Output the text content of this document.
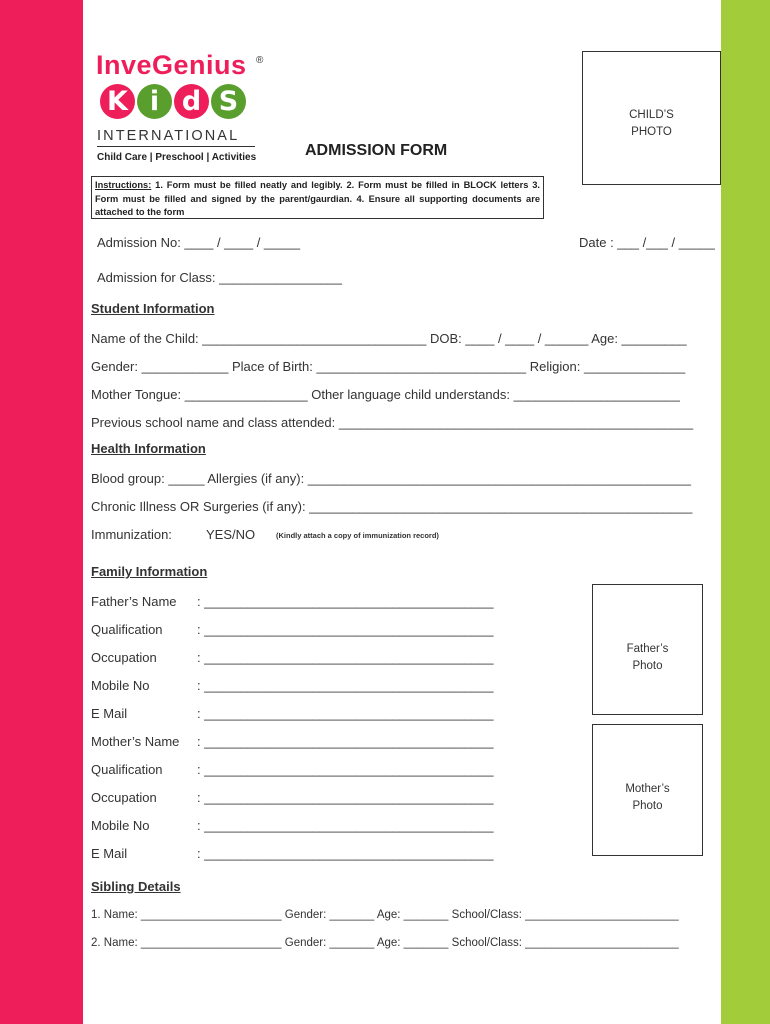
InveGenius ®
K i d S
INTERNATIONAL
Child Care | Preschool | Activities	ADMISSION FORM
CHILD’S
PHOTO
Instructions: 1. Form must be filled neatly and legibly. 2. Form must be filled in BLOCK letters 3. Form must be filled and signed by the parent/gaurdian. 4. Ensure all supporting documents are attached to the form
Admission No: ____ / ____ / _____	Date : ___ /___ / _____
Admission for Class: _________________
Student Information
Name of the Child: _______________________________ DOB: ____ / ____ / ______ Age: _________
Gender: ____________ Place of Birth: _____________________________ Religion: ______________
Mother Tongue: _________________ Other language child understands: _______________________
Previous school name and class attended: _________________________________________________
Health Information
Blood group: _____ Allergies (if any): _____________________________________________________
Chronic Illness OR Surgeries (if any): _____________________________________________________
Immunization:	YES/NO	(Kindly attach a copy of immunization record)
Family Information
Father’s Name : ________________________________________
Qualification	: ________________________________________
Occupation	: ________________________________________
Mobile No	: ________________________________________
E Mail	: ________________________________________
Mother’s Name : ________________________________________
Qualification	: ________________________________________
Occupation	: ________________________________________
Mobile No	: ________________________________________
E Mail	: ________________________________________
Father’s
Photo
Mother’s
Photo
Sibling Details
1. Name: ______________________ Gender: _______ Age: _______ School/Class: ________________________
2. Name: ______________________ Gender: _______ Age: _______ School/Class: ________________________
